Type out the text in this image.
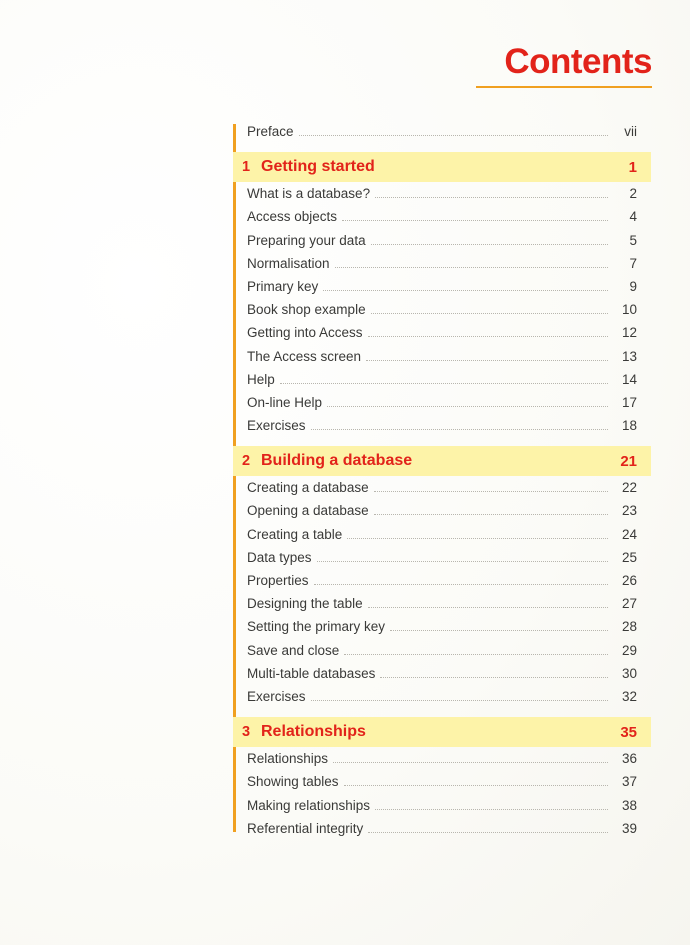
Contents
Preface	vii
1 Getting started	1
What is a database?	2
Access objects	4
Preparing your data	5
Normalisation	7
Primary key	9
Book shop example	10
Getting into Access	12
The Access screen	13
Help	14
On-line Help	17
Exercises	18
2 Building a database	21
Creating a database	22
Opening a database	23
Creating a table	24
Data types	25
Properties	26
Designing the table	27
Setting the primary key	28
Save and close	29
Multi-table databases	30
Exercises	32
3 Relationships	35
Relationships	36
Showing tables	37
Making relationships	38
Referential integrity	39
